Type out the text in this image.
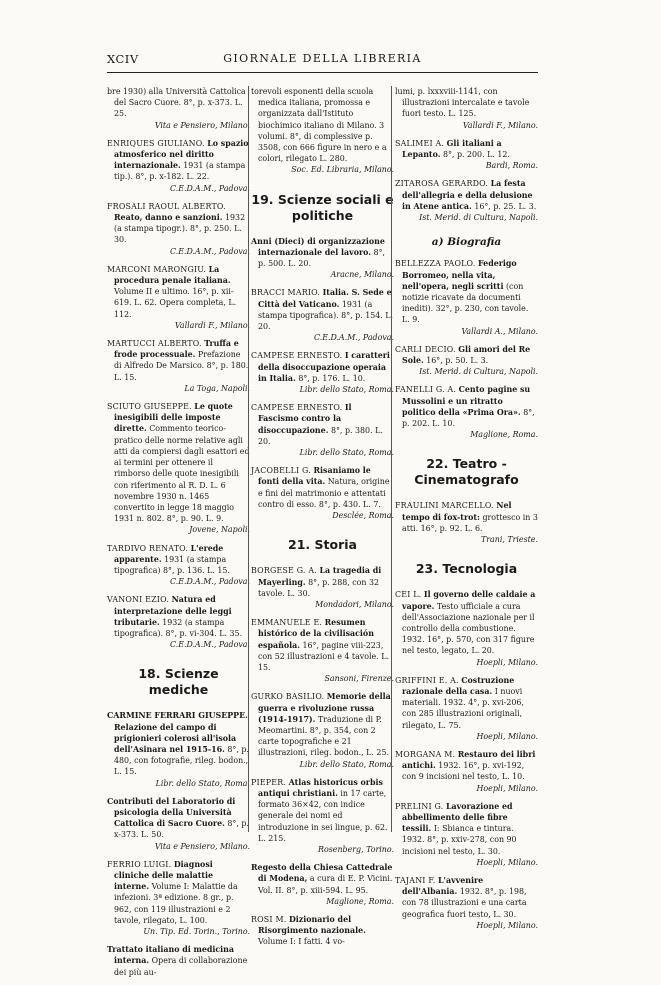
XCIV	GIORNALE DELLA LIBRERIA
bre 1930) alla Università Cattolica del Sacro Cuore. 8°, p. x-373. L. 25.
Vita e Pensiero, Milano.
ENRIQUES GIULIANO. Lo spazio atmosferico nel diritto internazionale. 1931 (a stampa tip.). 8°, p. x-182. L. 22.
C.E.D.A.M., Padova.
FROSALI RAOUL ALBERTO. Reato, danno e sanzioni. 1932 (a stampa tipogr.). 8°, p. 250. L. 30.
C.E.D.A.M., Padova.
MARCONI MARONGIU. La procedura penale italiana. Volume II e ultimo. 16°, p. xii-619. L. 62. Opera completa, L. 112.
Vallardi F., Milano.
MARTUCCI ALBERTO. Truffa e frode processuale. Prefazione di Alfredo De Marsico. 8°, p. 180. L. 15.
La Toga, Napoli.
SCIUTO GIUSEPPE. Le quote inesigibili delle imposte dirette. Commento teorico-pratico delle norme relative agli atti da compiersi dagli esattori ed ai termini per ottenere il rimborso delle quote inesigibili con riferimento al R. D. L. 6 novembre 1930 n. 1465 convertito in legge 18 maggio 1931 n. 802. 8°, p. 90. L. 9.
Jovene, Napoli.
TARDIVO RENATO. L'erede apparente. 1931 (a stampa tipografica) 8°, p. 136. L. 15.
C.E.D.A.M., Padova.
VANONI EZIO. Natura ed interpretazione delle leggi tributarie. 1932 (a stampa tipografica). 8°, p. vi-304. L. 35.
C.E.D.A.M., Padova.
18. Scienze mediche
CARMINE FERRARI GIUSEPPE. Relazione del campo di prigionieri colerosi all'isola dell'Asinara nel 1915-16. 8°, p. 480, con fotografie, rileg. bodon., L. 15.
Libr. dello Stato, Roma.
Contributi del Laboratorio di psicologia della Università Cattolica di Sacro Cuore. 8°, p. x-373. L. 50.
Vita e Pensiero, Milano.
FERRIO LUIGI. Diagnosi cliniche delle malattie interne. Volume I: Malattie da infezioni. 3ª edizione. 8 gr., p. 962, con 119 illustrazioni e 2 tavole, rilegato, L. 100.
Un. Tip. Ed. Torin., Torino.
Trattato italiano di medicina interna. Opera di collaborazione dei più au-
torevoli esponenti della scuola medica italiana, promossa e organizzata dall'Istituto biochimico italiano di Milano. 3 volumi. 8°, di complessive p. 3508, con 666 figure in nero e a colori, rilegato L. 280.
Soc. Ed. Libraria, Milano.
19. Scienze sociali e politiche
Anni (Dieci) di organizzazione internazionale del lavoro. 8°, p. 500. L. 20.
Aracne, Milano.
BRACCI MARIO. Italia. S. Sede e Città del Vaticano. 1931 (a stampa tipografica). 8°, p. 154. L. 20.
C.E.D.A.M., Padova.
CAMPESE ERNESTO. I caratteri della disoccupazione operaia in Italia. 8°, p. 176. L. 10.
Libr. dello Stato, Roma.
CAMPESE ERNESTO. Il Fascismo contro la disoccupazione. 8°, p. 380. L. 20.
Libr. dello Stato, Roma.
JACOBELLI G. Risaniamo le fonti della vita. Natura, origine e fini del matrimonio e attentati contro di esso. 8°, p. 430. L. 7.
Desclée, Roma.
21. Storia
BORGESE G. A. La tragedia di Mayerling. 8°, p. 288, con 32 tavole. L. 30.
Mondadori, Milano.
EMMANUELE E. Resumen histórico de la civilisación española. 16°, pagine viii-223, con 52 illustrazioni e 4 tavole. L. 15.
Sansoni, Firenze.
GURKO BASILIO. Memorie della guerra e rivoluzione russa (1914-1917). Traduzione di P. Meomartini. 8°, p. 354, con 2 carte topografiche e 21 illustrazioni, rileg. bodon., L. 25.
Libr. dello Stato, Roma.
PIEPER. Atlas historicus orbis antiqui christiani. in 17 carte, formato 36×42, con indice generale dei nomi ed introduzione in sei lingue, p. 62. L. 215.
Rosenberg, Torino.
Regesto della Chiesa Cattedrale di Modena, a cura di E. P. Vicini. Vol. II. 8°, p. xiii-594. L. 95.
Maglione, Roma.
ROSI M. Dizionario del Risorgimento nazionale. Volume I: I fatti. 4 vo-
lumi, p. lxxxviii-1141, con illustrazioni intercalate e tavole fuori testo. L. 125.
Vallardi F., Milano.
SALIMEI A. Gli italiani a Lepanto. 8°, p. 200. L. 12.
Bardi, Roma.
ZITAROSA GERARDO. La festa dell'allegria e della delusione in Atene antica. 16°, p. 25. L. 3.
Ist. Merid. di Cultura, Napoli.
a) Biografia
BELLEZZA PAOLO. Federigo Borromeo, nella vita, nell'opera, negli scritti (con notizie ricavate da documenti inediti). 32°, p. 230, con tavole. L. 9.
Vallardi A., Milano.
CARLI DECIO. Gli amori del Re Sole. 16°, p. 50. L. 3.
Ist. Merid. di Cultura, Napoli.
FANELLI G. A. Cento pagine su Mussolini e un ritratto politico della «Prima Ora». 8°, p. 202. L. 10.
Maglione, Roma.
22. Teatro - Cinematografo
FRAULINI MARCELLO. Nel tempo di fox-trot: grottesco in 3 atti. 16°, p. 92. L. 6.
Trani, Trieste.
23. Tecnologia
CEI L. Il governo delle caldaie a vapore. Testo ufficiale a cura dell'Associazione nazionale per il controllo della combustione. 1932. 16°, p. 570, con 317 figure nel testo, legato, L. 20.
Hoepli, Milano.
GRIFFINI E. A. Costruzione razionale della casa. I nuovi materiali. 1932. 4°, p. xvi-206, con 285 illustrazioni originali, rilegato, L. 75.
Hoepli, Milano.
MORGANA M. Restauro dei libri antichi. 1932. 16°, p. xvi-192, con 9 incisioni nel testo, L. 10.
Hoepli, Milano.
PRELINI G. Lavorazione ed abbellimento delle fibre tessili. I: Sbianca e tintura. 1932. 8°, p. xxiv-278, con 90 incisioni nel testo, L. 30.
Hoepli, Milano.
TAJANI F. L'avvenire dell'Albania. 1932. 8°, p. 198, con 78 illustrazioni e una carta geografica fuori testo, L. 30.
Hoepli, Milano.
